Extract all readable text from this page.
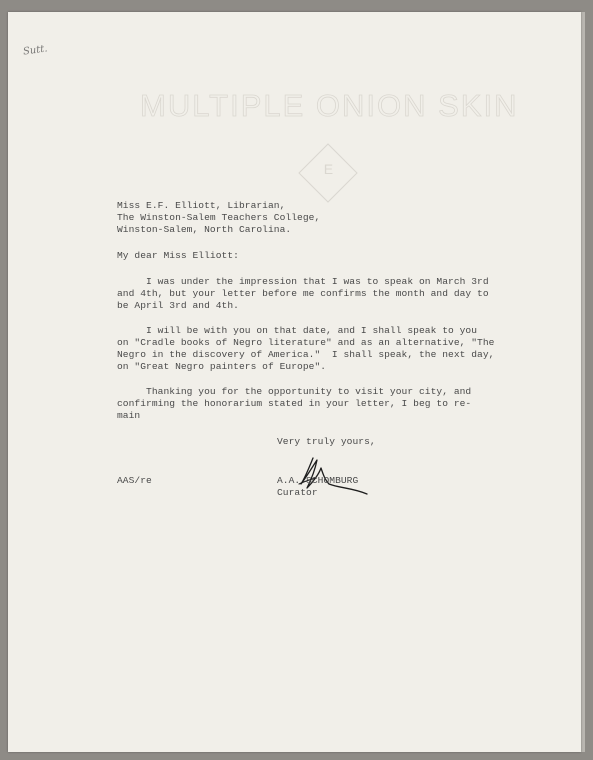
Sutt.
MULTIPLE ONION SKIN
E
Miss E.F. Elliott, Librarian,
The Winston-Salem Teachers College,
Winston-Salem, North Carolina.
My dear Miss Elliott:
I was under the impression that I was to speak on March 3rd
and 4th, but your letter before me confirms the month and day to
be April 3rd and 4th.
I will be with you on that date, and I shall speak to you
on "Cradle books of Negro literature" and as an alternative, "The
Negro in the discovery of America."  I shall speak, the next day,
on "Great Negro painters of Europe".
Thanking you for the opportunity to visit your city, and
confirming the honorarium stated in your letter, I beg to re-
main
Very truly yours,
AAS/re	A.A. SCHOMBURG
Curator
